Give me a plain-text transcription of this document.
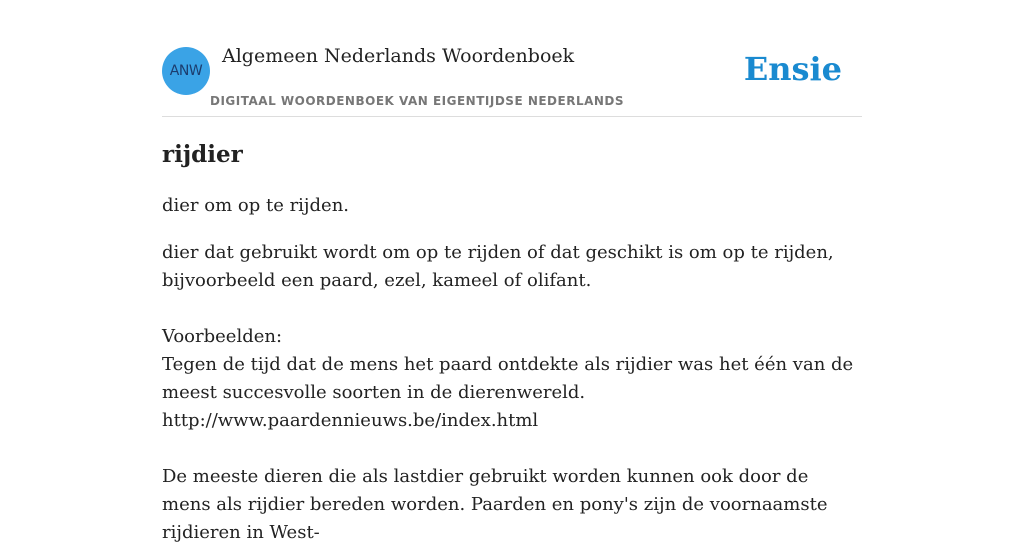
ANW
Algemeen Nederlands Woordenboek
DIGITAAL WOORDENBOEK VAN EIGENTIJDSE NEDERLANDS
Ensie
rijdier
dier om op te rijden.
dier dat gebruikt wordt om op te rijden of dat geschikt is om op te rijden, bijvoorbeeld een paard, ezel, kameel of olifant.
Voorbeelden:
Tegen de tijd dat de mens het paard ontdekte als rijdier was het één van de meest succesvolle soorten in de dierenwereld.
http://www.paardennieuws.be/index.html
De meeste dieren die als lastdier gebruikt worden kunnen ook door de mens als rijdier bereden worden. Paarden en pony's zijn de voornaamste rijdieren in West-
